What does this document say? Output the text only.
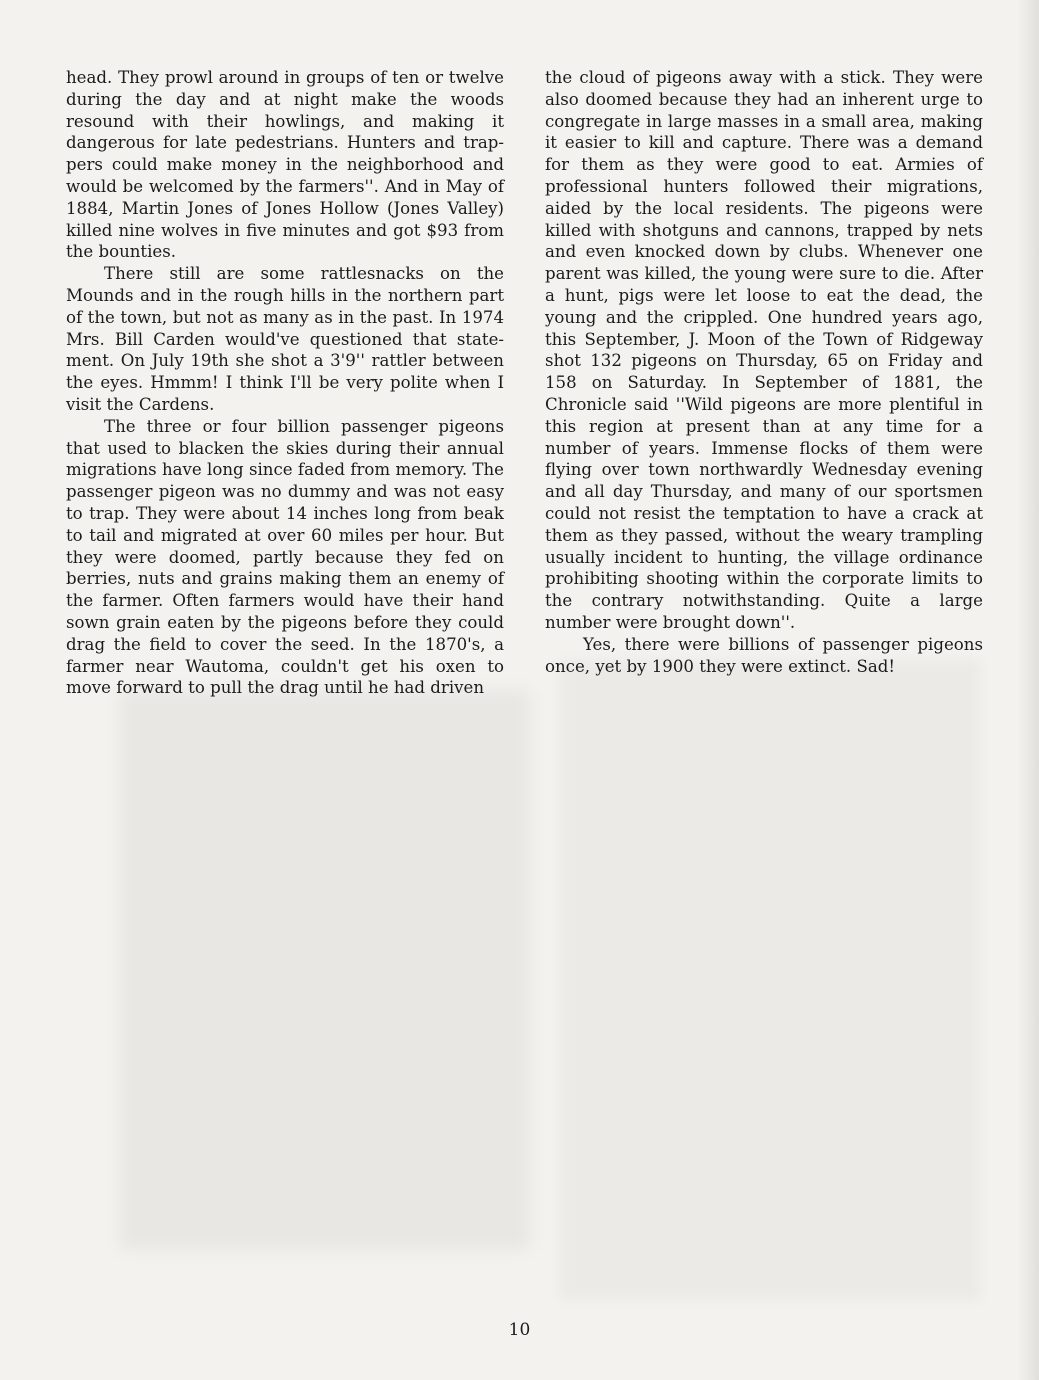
head. They prowl around in groups of ten or twelve during the day and at night make the woods resound with their howlings, and making it dangerous for late pedestrians. Hunters and trappers could make money in the neighborhood and would be welcomed by the farmers''. And in May of 1884, Martin Jones of Jones Hollow (Jones Valley) killed nine wolves in five minutes and got $93 from the bounties.

There still are some rattlesnacks on the Mounds and in the rough hills in the northern part of the town, but not as many as in the past. In 1974 Mrs. Bill Carden would've questioned that statement. On July 19th she shot a 3'9'' rattler between the eyes. Hmmm! I think I'll be very polite when I visit the Cardens.

The three or four billion passenger pigeons that used to blacken the skies during their annual migrations have long since faded from memory. The passenger pigeon was no dummy and was not easy to trap. They were about 14 inches long from beak to tail and migrated at over 60 miles per hour. But they were doomed, partly because they fed on berries, nuts and grains making them an enemy of the farmer. Often farmers would have their hand sown grain eaten by the pigeons before they could drag the field to cover the seed. In the 1870's, a farmer near Wautoma, couldn't get his oxen to move forward to pull the drag until he had driven

the cloud of pigeons away with a stick. They were also doomed because they had an inherent urge to congregate in large masses in a small area, making it easier to kill and capture. There was a demand for them as they were good to eat. Armies of professional hunters followed their migrations, aided by the local residents. The pigeons were killed with shotguns and cannons, trapped by nets and even knocked down by clubs. Whenever one parent was killed, the young were sure to die. After a hunt, pigs were let loose to eat the dead, the young and the crippled. One hundred years ago, this September, J. Moon of the Town of Ridgeway shot 132 pigeons on Thursday, 65 on Friday and 158 on Saturday. In September of 1881, the Chronicle said ''Wild pigeons are more plentiful in this region at present than at any time for a number of years. Immense flocks of them were flying over town northwardly Wednesday evening and all day Thursday, and many of our sportsmen could not resist the temptation to have a crack at them as they passed, without the weary trampling usually incident to hunting, the village ordinance prohibiting shooting within the corporate limits to the contrary notwithstanding. Quite a large number were brought down''.

Yes, there were billions of passenger pigeons once, yet by 1900 they were extinct. Sad!

10
